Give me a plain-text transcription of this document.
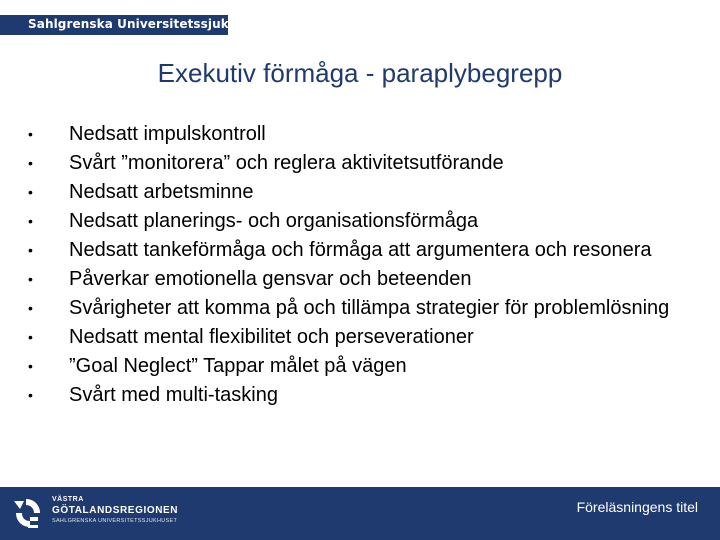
Sahlgrenska Universitetssjukhuset
Exekutiv förmåga - paraplybegrepp
• Nedsatt impulskontroll
• Svårt ”monitorera” och reglera aktivitetsutförande
• Nedsatt arbetsminne
• Nedsatt planerings- och organisationsförmåga
• Nedsatt tankeförmåga och förmåga att argumentera och resonera
• Påverkar emotionella gensvar och beteenden
• Svårigheter att komma på och tillämpa strategier för problemlösning
• Nedsatt mental flexibilitet och perseverationer
• ”Goal Neglect” Tappar målet på vägen
• Svårt med multi-tasking
VÄSTRA
GÖTALANDSREGIONEN
SAHLGRENSKA UNIVERSITETSSJUKHUSET
Föreläsningens titel
